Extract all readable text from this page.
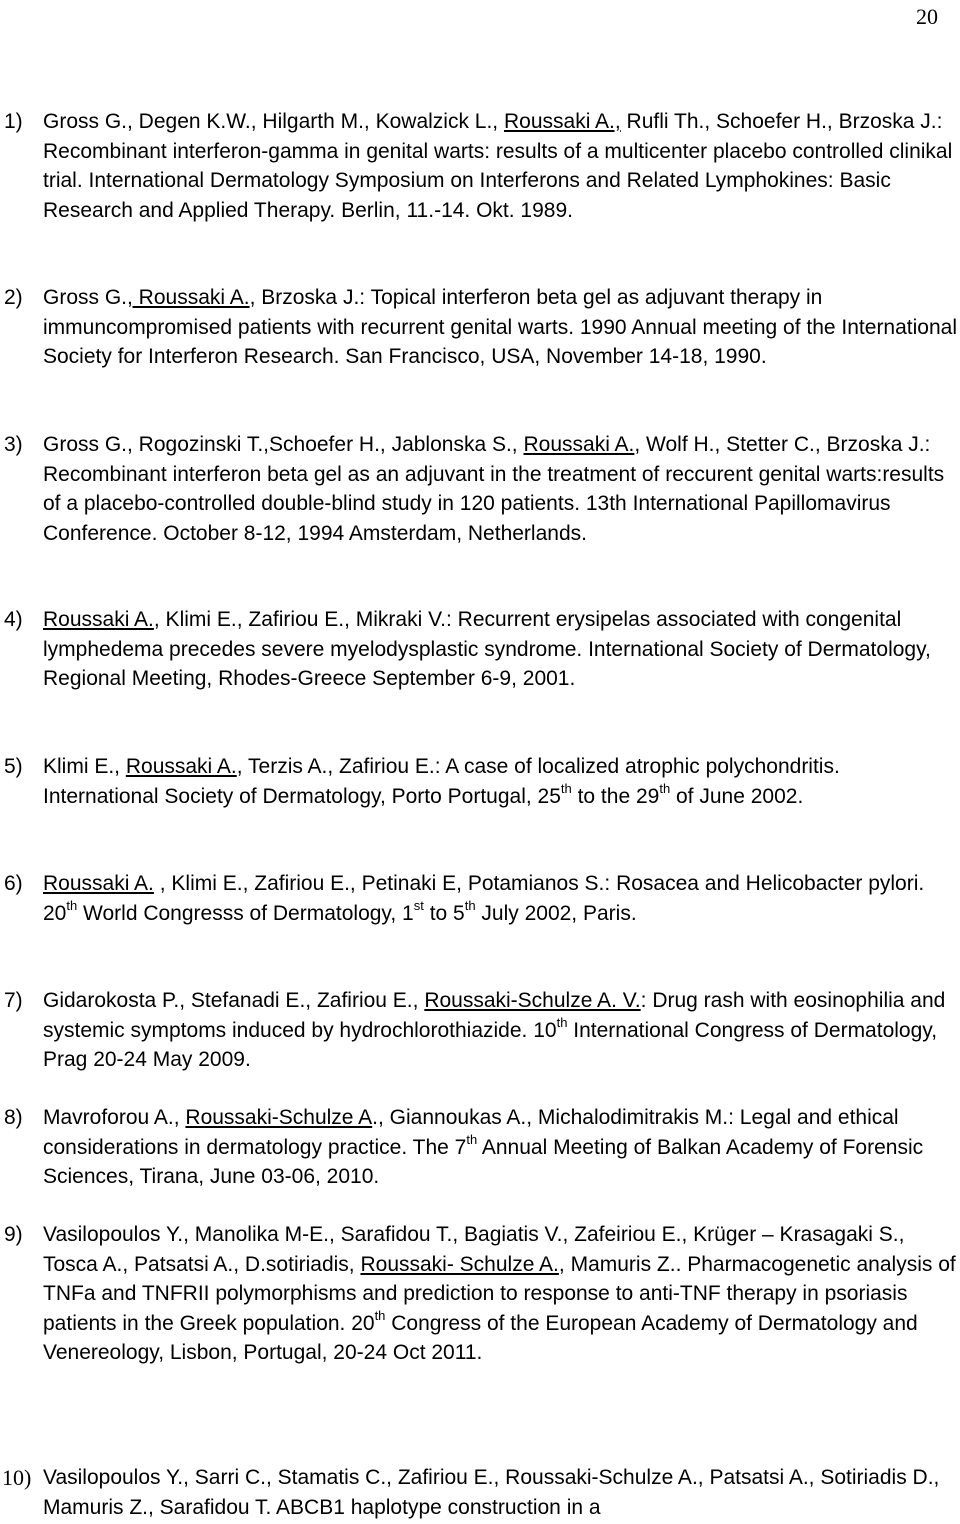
20
1) Gross G., Degen K.W., Hilgarth M., Kowalzick L., Roussaki A., Rufli Th., Schoefer H., Brzoska J.: Recombinant interferon-gamma in genital warts: results of a multicenter placebo controlled clinikal trial. International Dermatology Symposium on Interferons and Related Lymphokines: Basic Research and Applied Therapy. Berlin, 11.-14. Okt. 1989.
2) Gross G., Roussaki A., Brzoska J.: Topical interferon beta gel as adjuvant therapy in immuncompromised patients with recurrent genital warts. 1990 Annual meeting of the International Society for Interferon Research. San Francisco, USA, November 14-18, 1990.
3) Gross G., Rogozinski T.,Schoefer H., Jablonska S., Roussaki A., Wolf H., Stetter C., Brzoska J.: Recombinant interferon beta gel as an adjuvant in the treatment of reccurent genital warts:results of a placebo-controlled double-blind study in 120 patients. 13th International Papillomavirus Conference. October 8-12, 1994 Amsterdam, Netherlands.
4) Roussaki A., Klimi E., Zafiriou E., Mikraki V.: Recurrent erysipelas associated with congenital lymphedema precedes severe myelodysplastic syndrome. International Society of Dermatology, Regional Meeting, Rhodes-Greece September 6-9, 2001.
5) Klimi E., Roussaki A., Terzis A., Zafiriou E.: A case of localized atrophic polychondritis. International Society of Dermatology, Porto Portugal, 25th to the 29th of June 2002.
6) Roussaki A. , Klimi E., Zafiriou E., Petinaki E, Potamianos S.: Rosacea and Helicobacter pylori. 20th World Congresss of Dermatology, 1st to 5th July 2002, Paris.
7) Gidarokosta P., Stefanadi E., Zafiriou E., Roussaki-Schulze A. V.: Drug rash with eosinophilia and systemic symptoms induced by hydrochlorothiazide. 10th International Congress of Dermatology, Prag 20-24 May 2009.
8) Mavroforou A., Roussaki-Schulze A., Giannoukas A., Michalodimitrakis M.: Legal and ethical considerations in dermatology practice. The 7th Annual Meeting of Balkan Academy of Forensic Sciences, Tirana, June 03-06, 2010.
9) Vasilopoulos Y., Manolika M-E., Sarafidou T., Bagiatis V., Zafeiriou E., Krüger – Krasagaki S., Tosca A., Patsatsi A., D.sotiriadis, Roussaki- Schulze A., Mamuris Z.. Pharmacogenetic analysis of TNFa and TNFRII polymorphisms and prediction to response to anti-TNF therapy in psoriasis patients in the Greek population. 20th Congress of the European Academy of Dermatology and Venereology, Lisbon, Portugal, 20-24 Oct 2011.
10) Vasilopoulos Y., Sarri C., Stamatis C., Zafiriou E., Roussaki-Schulze A., Patsatsi A., Sotiriadis D., Mamuris Z., Sarafidou T. ABCB1 haplotype construction in a
